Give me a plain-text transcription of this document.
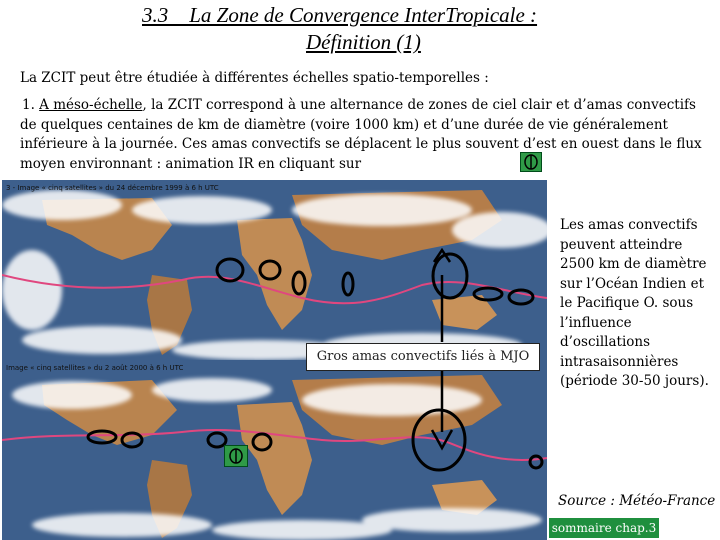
3.3    La Zone de Convergence InterTropicale :
Définition (1)
La ZCIT peut être étudiée à différentes échelles spatio-temporelles :
1. A méso-échelle, la ZCIT correspond à une alternance de zones de ciel clair et d’amas convectifs de quelques centaines de km de diamètre (voire 1000 km) et d’une durée de vie généralement inférieure à la journée. Ces amas convectifs se déplacent le plus souvent d’est en ouest dans le flux moyen environnant : animation IR en cliquant sur
3 - Image « cinq satellites » du 24 décembre 1999 à 6 h UTC
Image « cinq satellites » du 2 août 2000 à 6 h UTC
Gros amas convectifs liés à MJO
Les amas convectifs peuvent atteindre 2500 km de diamètre sur l’Océan Indien et le Pacifique O. sous l’influence d’oscillations intrasaisonnières (période 30-50 jours).
Source : Météo-France
sommaire chap.3
